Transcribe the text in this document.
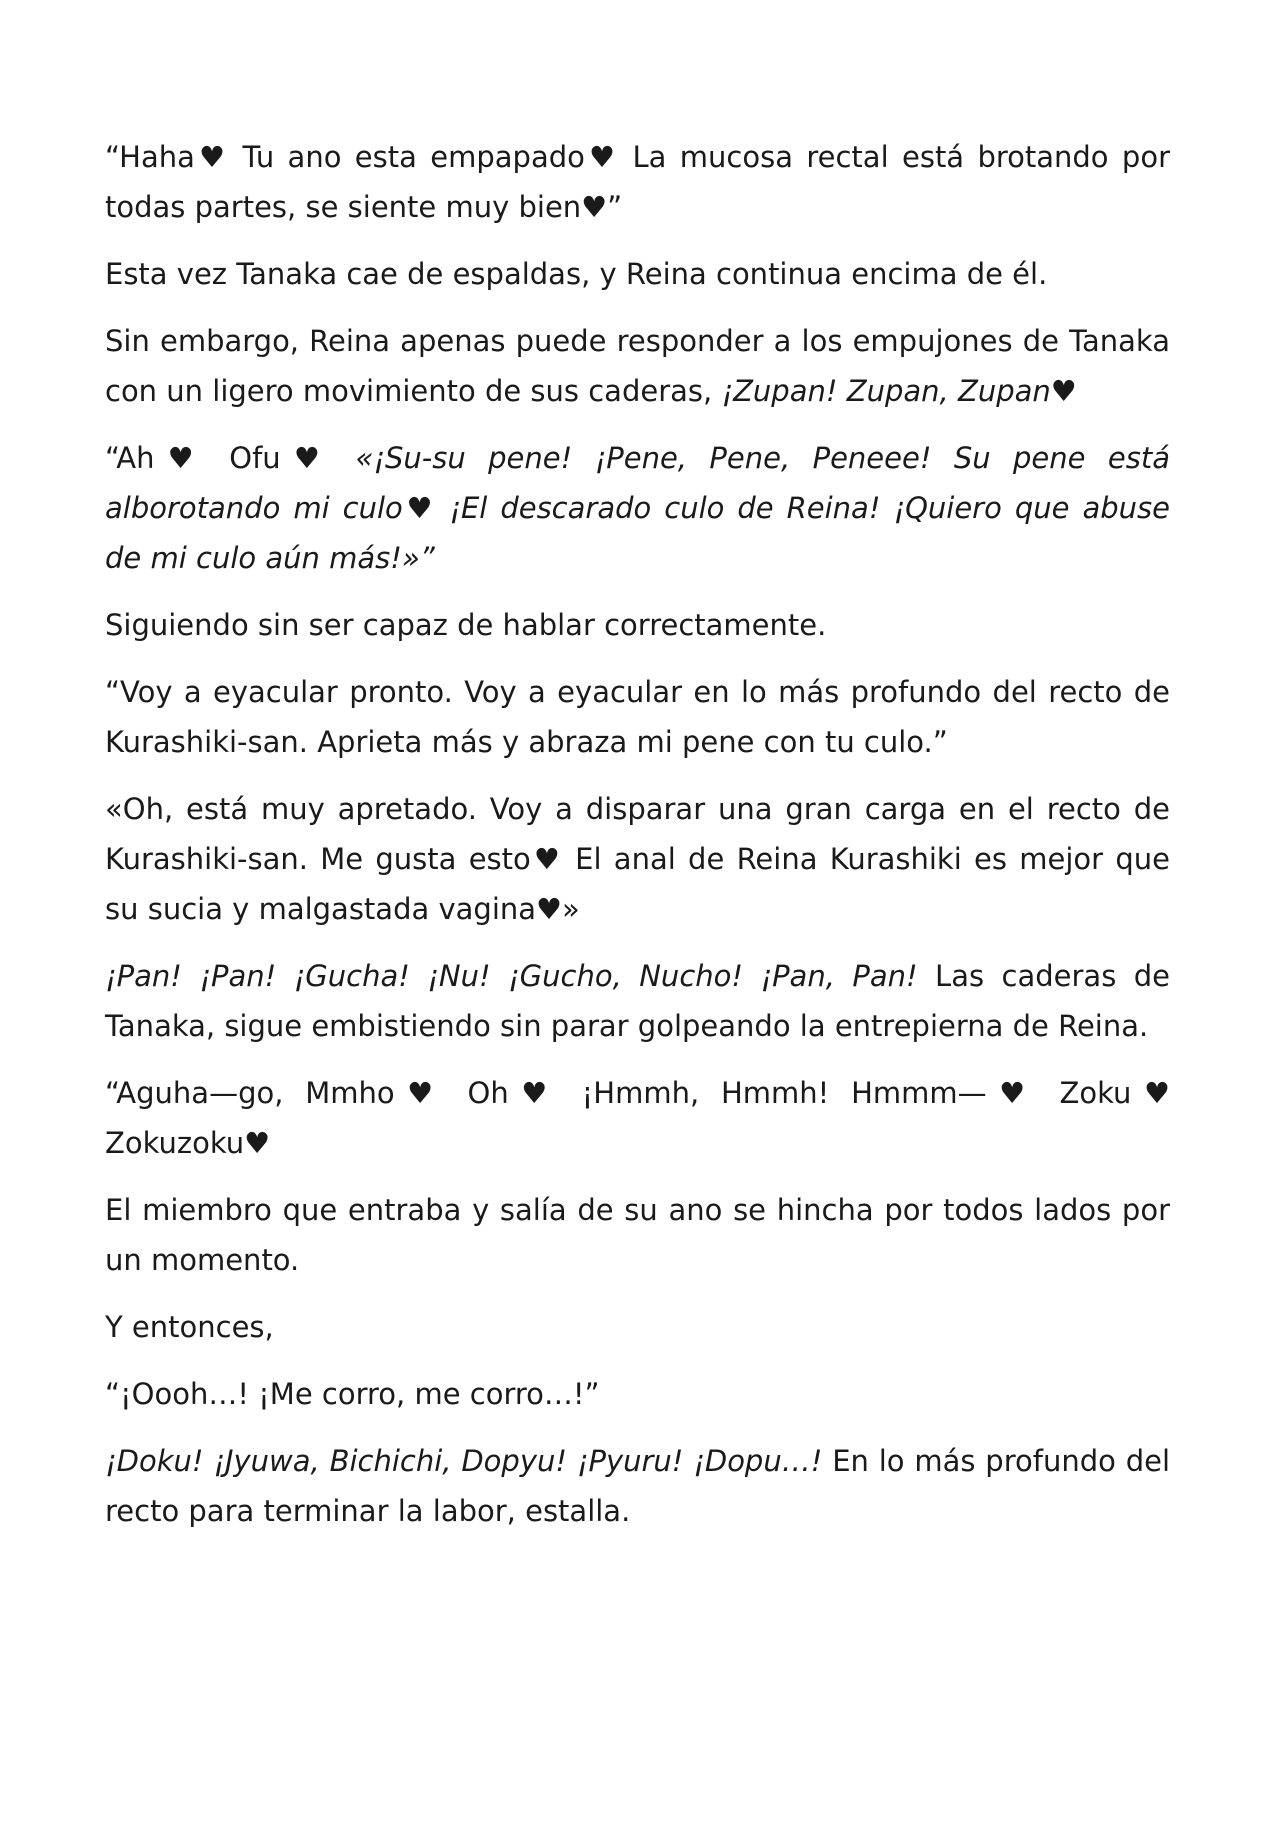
“Haha♥ Tu ano esta empapado♥ La mucosa rectal está brotando por todas partes, se siente muy bien♥”

Esta vez Tanaka cae de espaldas, y Reina continua encima de él.

Sin embargo, Reina apenas puede responder a los empujones de Tanaka con un ligero movimiento de sus caderas, ¡Zupan! Zupan, Zupan♥

“Ah♥ Ofu♥ «¡Su-su pene! ¡Pene, Pene, Peneee! Su pene está alborotando mi culo♥ ¡El descarado culo de Reina! ¡Quiero que abuse de mi culo aún más!»”

Siguiendo sin ser capaz de hablar correctamente.

“Voy a eyacular pronto. Voy a eyacular en lo más profundo del recto de Kurashiki-san. Aprieta más y abraza mi pene con tu culo.”

«Oh, está muy apretado. Voy a disparar una gran carga en el recto de Kurashiki-san. Me gusta esto♥ El anal de Reina Kurashiki es mejor que su sucia y malgastada vagina♥»

¡Pan! ¡Pan! ¡Gucha! ¡Nu! ¡Gucho, Nucho! ¡Pan, Pan! Las caderas de Tanaka, sigue embistiendo sin parar golpeando la entrepierna de Reina.

“Aguha—go, Mmho♥ Oh♥ ¡Hmmh, Hmmh! Hmmm—♥ Zoku♥ Zokuzoku♥

El miembro que entraba y salía de su ano se hincha por todos lados por un momento.

Y entonces,

“¡Oooh…! ¡Me corro, me corro…!”

¡Doku! ¡Jyuwa, Bichichi, Dopyu! ¡Pyuru! ¡Dopu…! En lo más profundo del recto para terminar la labor, estalla.
